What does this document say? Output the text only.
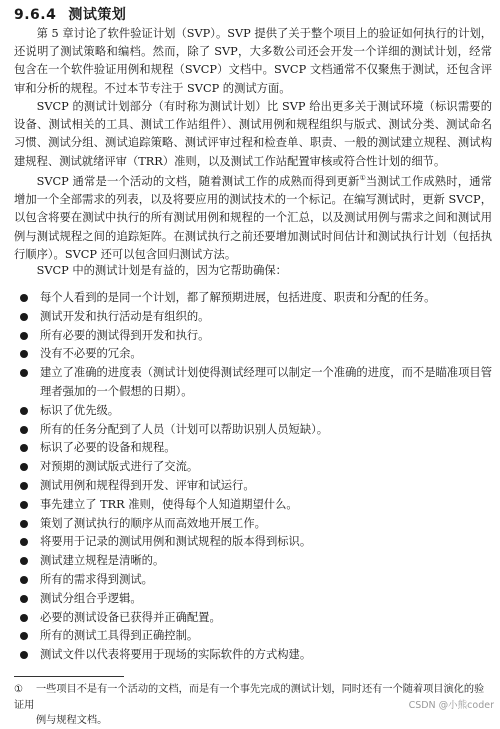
9.6.4 测试策划

第 5 章讨论了软件验证计划（SVP）。SVP 提供了关于整个项目上的验证如何执行的计划，还说明了测试策略和编档。然而，除了 SVP，大多数公司还会开发一个详细的测试计划，经常包含在一个软件验证用例和规程（SVCP）文档中。SVCP 文档通常不仅聚焦于测试，还包含评审和分析的规程。不过本节专注于 SVCP 的测试方面。

SVCP 的测试计划部分（有时称为测试计划）比 SVP 给出更多关于测试环境（标识需要的设备、测试相关的工具、测试工作站组件）、测试用例和规程组织与版式、测试分类、测试命名习惯、测试分组、测试追踪策略、测试评审过程和检查单、职责、一般的测试建立规程、测试构建规程、测试就绪评审（TRR）准则，以及测试工作站配置审核或符合性计划的细节。

SVCP 通常是一个活动的文档，随着测试工作的成熟而得到更新①当测试工作成熟时，通常增加一个全部需求的列表，以及将要应用的测试技术的一个标记。在编写测试时，更新 SVCP，以包含将要在测试中执行的所有测试用例和规程的一个汇总，以及测试用例与需求之间和测试用例与测试规程之间的追踪矩阵。在测试执行之前还要增加测试时间估计和测试执行计划（包括执行顺序）。SVCP 还可以包含回归测试方法。

SVCP 中的测试计划是有益的，因为它帮助确保：

每个人看到的是同一个计划，都了解预期进展，包括进度、职责和分配的任务。
测试开发和执行活动是有组织的。
所有必要的测试得到开发和执行。
没有不必要的冗余。
建立了准确的进度表（测试计划使得测试经理可以制定一个准确的进度，而不是瞄准项目管理者强加的一个假想的日期）。
标识了优先级。
所有的任务分配到了人员（计划可以帮助识别人员短缺）。
标识了必要的设备和规程。
对预期的测试版式进行了交流。
测试用例和规程得到开发、评审和试运行。
事先建立了 TRR 准则，使得每个人知道期望什么。
策划了测试执行的顺序从而高效地开展工作。
将要用于记录的测试用例和测试规程的版本得到标识。
测试建立规程是清晰的。
所有的需求得到测试。
测试分组合乎逻辑。
必要的测试设备已获得并正确配置。
所有的测试工具得到正确控制。
测试文件以代表将要用于现场的实际软件的方式构建。
① 一些项目不是有一个活动的文档，而是有一个事先完成的测试计划，同时还有一个随着项目演化的验证用
例与规程文档。
CSDN @小熊coder
